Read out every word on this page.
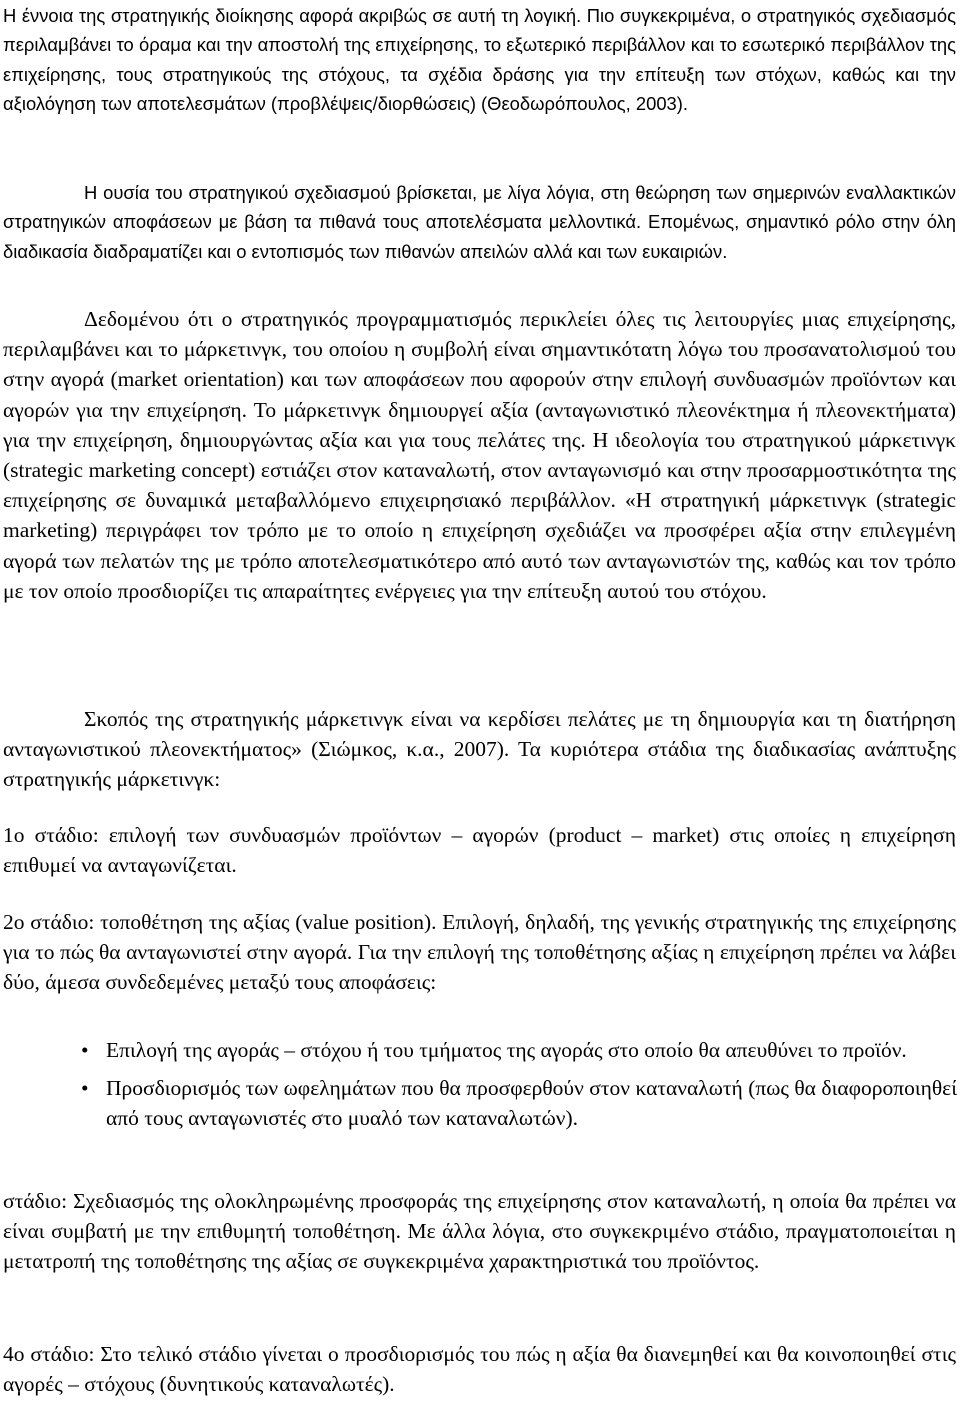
Η έννοια της στρατηγικής διοίκησης αφορά ακριβώς σε αυτή τη λογική. Πιο συγκεκριμένα, ο στρατηγικός σχεδιασμός περιλαμβάνει το όραμα και την αποστολή της επιχείρησης, το εξωτερικό περιβάλλον και το εσωτερικό περιβάλλον της επιχείρησης, τους στρατηγικούς της στόχους, τα σχέδια δράσης για την επίτευξη των στόχων, καθώς και την αξιολόγηση των αποτελεσμάτων (προβλέψεις/διορθώσεις) (Θεοδωρόπουλος, 2003).

Η ουσία του στρατηγικού σχεδιασμού βρίσκεται, με λίγα λόγια, στη θεώρηση των σημερινών εναλλακτικών στρατηγικών αποφάσεων με βάση τα πιθανά τους αποτελέσματα μελλοντικά. Επομένως, σημαντικό ρόλο στην όλη διαδικασία διαδραματίζει και ο εντοπισμός των πιθανών απειλών αλλά και των ευκαιριών.

Δεδομένου ότι ο στρατηγικός προγραμματισμός περικλείει όλες τις λειτουργίες μιας επιχείρησης, περιλαμβάνει και το μάρκετινγκ, του οποίου η συμβολή είναι σημαντικότατη λόγω του προσανατολισμού του στην αγορά (market orientation) και των αποφάσεων που αφορούν στην επιλογή συνδυασμών προϊόντων και αγορών για την επιχείρηση. Το μάρκετινγκ δημιουργεί αξία (ανταγωνιστικό πλεονέκτημα ή πλεονεκτήματα) για την επιχείρηση, δημιουργώντας αξία και για τους πελάτες της. Η ιδεολογία του στρατηγικού μάρκετινγκ (strategic marketing concept) εστιάζει στον καταναλωτή, στον ανταγωνισμό και στην προσαρμοστικότητα της επιχείρησης σε δυναμικά μεταβαλλόμενο επιχειρησιακό περιβάλλον. «Η στρατηγική μάρκετινγκ (strategic marketing) περιγράφει τον τρόπο με το οποίο η επιχείρηση σχεδιάζει να προσφέρει αξία στην επιλεγμένη αγορά των πελατών της με τρόπο αποτελεσματικότερο από αυτό των ανταγωνιστών της, καθώς και τον τρόπο με τον οποίο προσδιορίζει τις απαραίτητες ενέργειες για την επίτευξη αυτού του στόχου.

Σκοπός της στρατηγικής μάρκετινγκ είναι να κερδίσει πελάτες με τη δημιουργία και τη διατήρηση ανταγωνιστικού πλεονεκτήματος» (Σιώμκος, κ.α., 2007). Τα κυριότερα στάδια της διαδικασίας ανάπτυξης στρατηγικής μάρκετινγκ:

1ο στάδιο: επιλογή των συνδυασμών προϊόντων – αγορών (product – market) στις οποίες η επιχείρηση επιθυμεί να ανταγωνίζεται.

2ο στάδιο: τοποθέτηση της αξίας (value position). Επιλογή, δηλαδή, της γενικής στρατηγικής της επιχείρησης για το πώς θα ανταγωνιστεί στην αγορά. Για την επιλογή της τοποθέτησης αξίας η επιχείρηση πρέπει να λάβει δύο, άμεσα συνδεδεμένες μεταξύ τους αποφάσεις:

• Επιλογή της αγοράς – στόχου ή του τμήματος της αγοράς στο οποίο θα απευθύνει το προϊόν.
• Προσδιορισμός των ωφελημάτων που θα προσφερθούν στον καταναλωτή (πως θα διαφοροποιηθεί από τους ανταγωνιστές στο μυαλό των καταναλωτών).

στάδιο: Σχεδιασμός της ολοκληρωμένης προσφοράς της επιχείρησης στον καταναλωτή, η οποία θα πρέπει να είναι συμβατή με την επιθυμητή τοποθέτηση. Με άλλα λόγια, στο συγκεκριμένο στάδιο, πραγματοποιείται η μετατροπή της τοποθέτησης της αξίας σε συγκεκριμένα χαρακτηριστικά του προϊόντος.

4ο στάδιο: Στο τελικό στάδιο γίνεται ο προσδιορισμός του πώς η αξία θα διανεμηθεί και θα κοινοποιηθεί στις αγορές – στόχους (δυνητικούς καταναλωτές).
